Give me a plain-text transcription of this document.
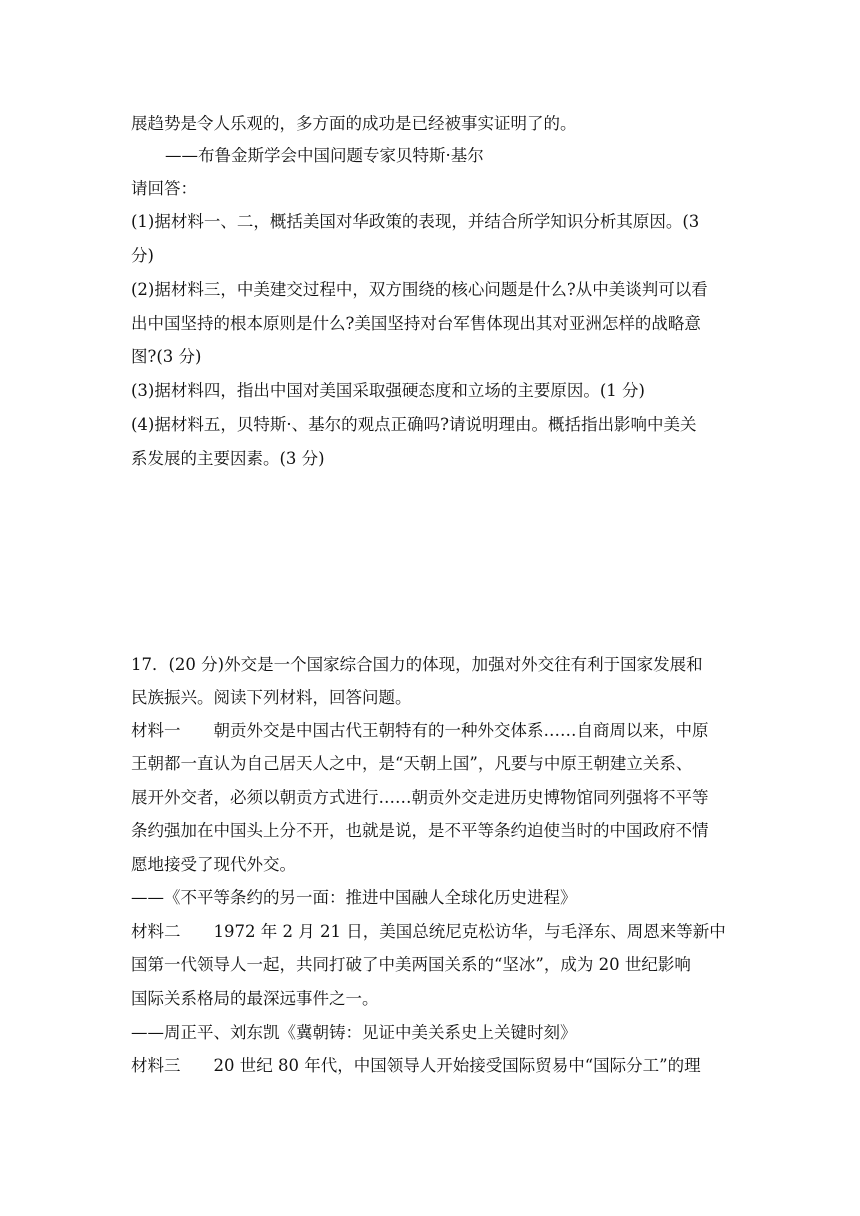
展趋势是令人乐观的，多方面的成功是已经被事实证明了的。
——布鲁金斯学会中国问题专家贝特斯·基尔
请回答：
(1)据材料一、二，概括美国对华政策的表现，并结合所学知识分析其原因。(3
分)
(2)据材料三，中美建交过程中，双方围绕的核心问题是什么?从中美谈判可以看
出中国坚持的根本原则是什么?美国坚持对台军售体现出其对亚洲怎样的战略意
图?(3 分)
(3)据材料四，指出中国对美国采取强硬态度和立场的主要原因。(1 分)
(4)据材料五，贝特斯·、基尔的观点正确吗?请说明理由。概括指出影响中美关
系发展的主要因素。(3 分)
17．(20 分)外交是一个国家综合国力的体现，加强对外交往有利于国家发展和
民族振兴。阅读下列材料，回答问题。
材料一　　朝贡外交是中国古代王朝特有的一种外交体系……自商周以来，中原
王朝都一直认为自己居天人之中，是“天朝上国”，凡要与中原王朝建立关系、
展开外交者，必须以朝贡方式进行……朝贡外交走进历史博物馆同列强将不平等
条约强加在中国头上分不开，也就是说，是不平等条约迫使当时的中国政府不情
愿地接受了现代外交。
——《不平等条约的另一面：推进中国融人全球化历史进程》
材料二　　1972 年 2 月 21 日，美国总统尼克松访华，与毛泽东、周恩来等新中
国第一代领导人一起，共同打破了中美两国关系的“坚冰”，成为 20 世纪影响
国际关系格局的最深远事件之一。
——周正平、刘东凯《冀朝铸：见证中美关系史上关键时刻》
材料三　　20 世纪 80 年代，中国领导人开始接受国际贸易中“国际分工”的理
